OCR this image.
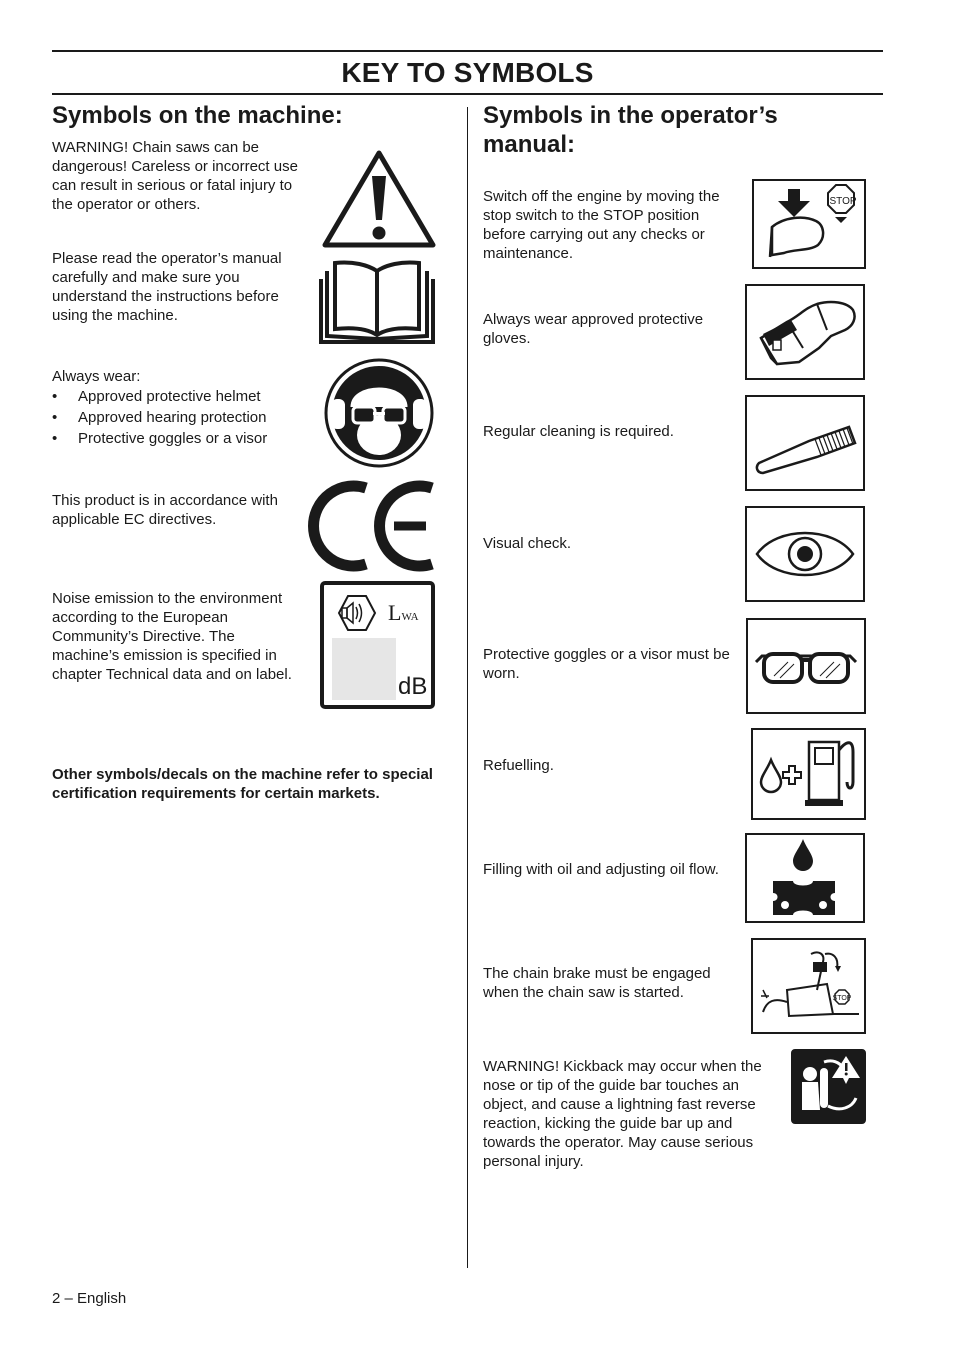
KEY TO SYMBOLS
Symbols on the machine:
WARNING! Chain saws can be dangerous! Careless or incorrect use can result in serious or fatal injury to the operator or others.
Please read the operator’s manual carefully and make sure you understand the instructions before using the machine.
Always wear:
• Approved protective helmet
• Approved hearing protection
• Protective goggles or a visor
This product is in accordance with applicable EC directives.
Noise emission to the environment according to the European Community’s Directive. The machine’s emission is specified in chapter Technical data and on label.
LWA
dB
Other symbols/decals on the machine refer to special certification requirements for certain markets.
Symbols in the operator’s manual:
Switch off the engine by moving the stop switch to the STOP position before carrying out any checks or maintenance.
STOP
Always wear approved protective gloves.
Regular cleaning is required.
Visual check.
Protective goggles or a visor must be worn.
Refuelling.
Filling with oil and adjusting oil flow.
The chain brake must be engaged when the chain saw is started.	STOP
WARNING! Kickback may occur when the nose or tip of the guide bar touches an object, and cause a lightning fast reverse reaction, kicking the guide bar up and towards the operator. May cause serious personal injury.
2 – English
